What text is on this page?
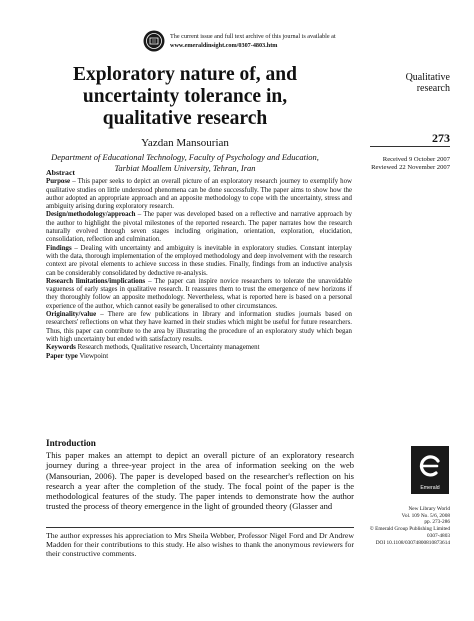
The current issue and full text archive of this journal is available at
www.emeraldinsight.com/0307-4803.htm
Exploratory nature of, and
uncertainty tolerance in,
qualitative research
Yazdan Mansourian
Department of Educational Technology, Faculty of Psychology and Education,
Tarbiat Moallem University, Tehran, Iran
Qualitative
research
273
Received 9 October 2007
Reviewed 22 November 2007
Abstract

Purpose – This paper seeks to depict an overall picture of an exploratory research journey to exemplify how qualitative studies on little understood phenomena can be done successfully. The paper aims to show how the author adopted an appropriate approach and an apposite methodology to cope with the uncertainty, stress and ambiguity arising during exploratory research.

Design/methodology/approach – The paper was developed based on a reflective and narrative approach by the author to highlight the pivotal milestones of the reported research. The paper narrates how the research naturally evolved through seven stages including origination, orientation, exploration, elucidation, consolidation, reflection and culmination.

Findings – Dealing with uncertainty and ambiguity is inevitable in exploratory studies. Constant interplay with the data, thorough implementation of the employed methodology and deep involvement with the research context are pivotal elements to achieve success in these studies. Finally, findings from an inductive analysis can be considerably consolidated by deductive re-analysis.

Research limitations/implications – The paper can inspire novice researchers to tolerate the unavoidable vagueness of early stages in qualitative research. It reassures them to trust the emergence of new horizons if they thoroughly follow an apposite methodology. Nevertheless, what is reported here is based on a personal experience of the author, which cannot easily be generalised to other circumstances.

Originality/value – There are few publications in library and information studies journals based on researchers' reflections on what they have learned in their studies which might be useful for future researchers. Thus, this paper can contribute to the area by illustrating the procedure of an exploratory study which began with high uncertainty but ended with satisfactory results.

Keywords Research methods, Qualitative research, Uncertainty management

Paper type Viewpoint

Introduction
This paper makes an attempt to depict an overall picture of an exploratory research journey during a three-year project in the area of information seeking on the web (Mansourian, 2006). The paper is developed based on the researcher's reflection on his research a year after the completion of the study. The focal point of the paper is the methodological features of the study. The paper intends to demonstrate how the author trusted the process of theory emergence in the light of grounded theory (Glasser and
Emerald
New Library World
Vol. 109 No. 5/6, 2008
pp. 273-286
© Emerald Group Publishing Limited
0307-4803
DOI 10.1108/03074800810873614
The author expresses his appreciation to Mrs Sheila Webber, Professor Nigel Ford and Dr Andrew Madden for their contributions to this study. He also wishes to thank the anonymous reviewers for their constructive comments.
